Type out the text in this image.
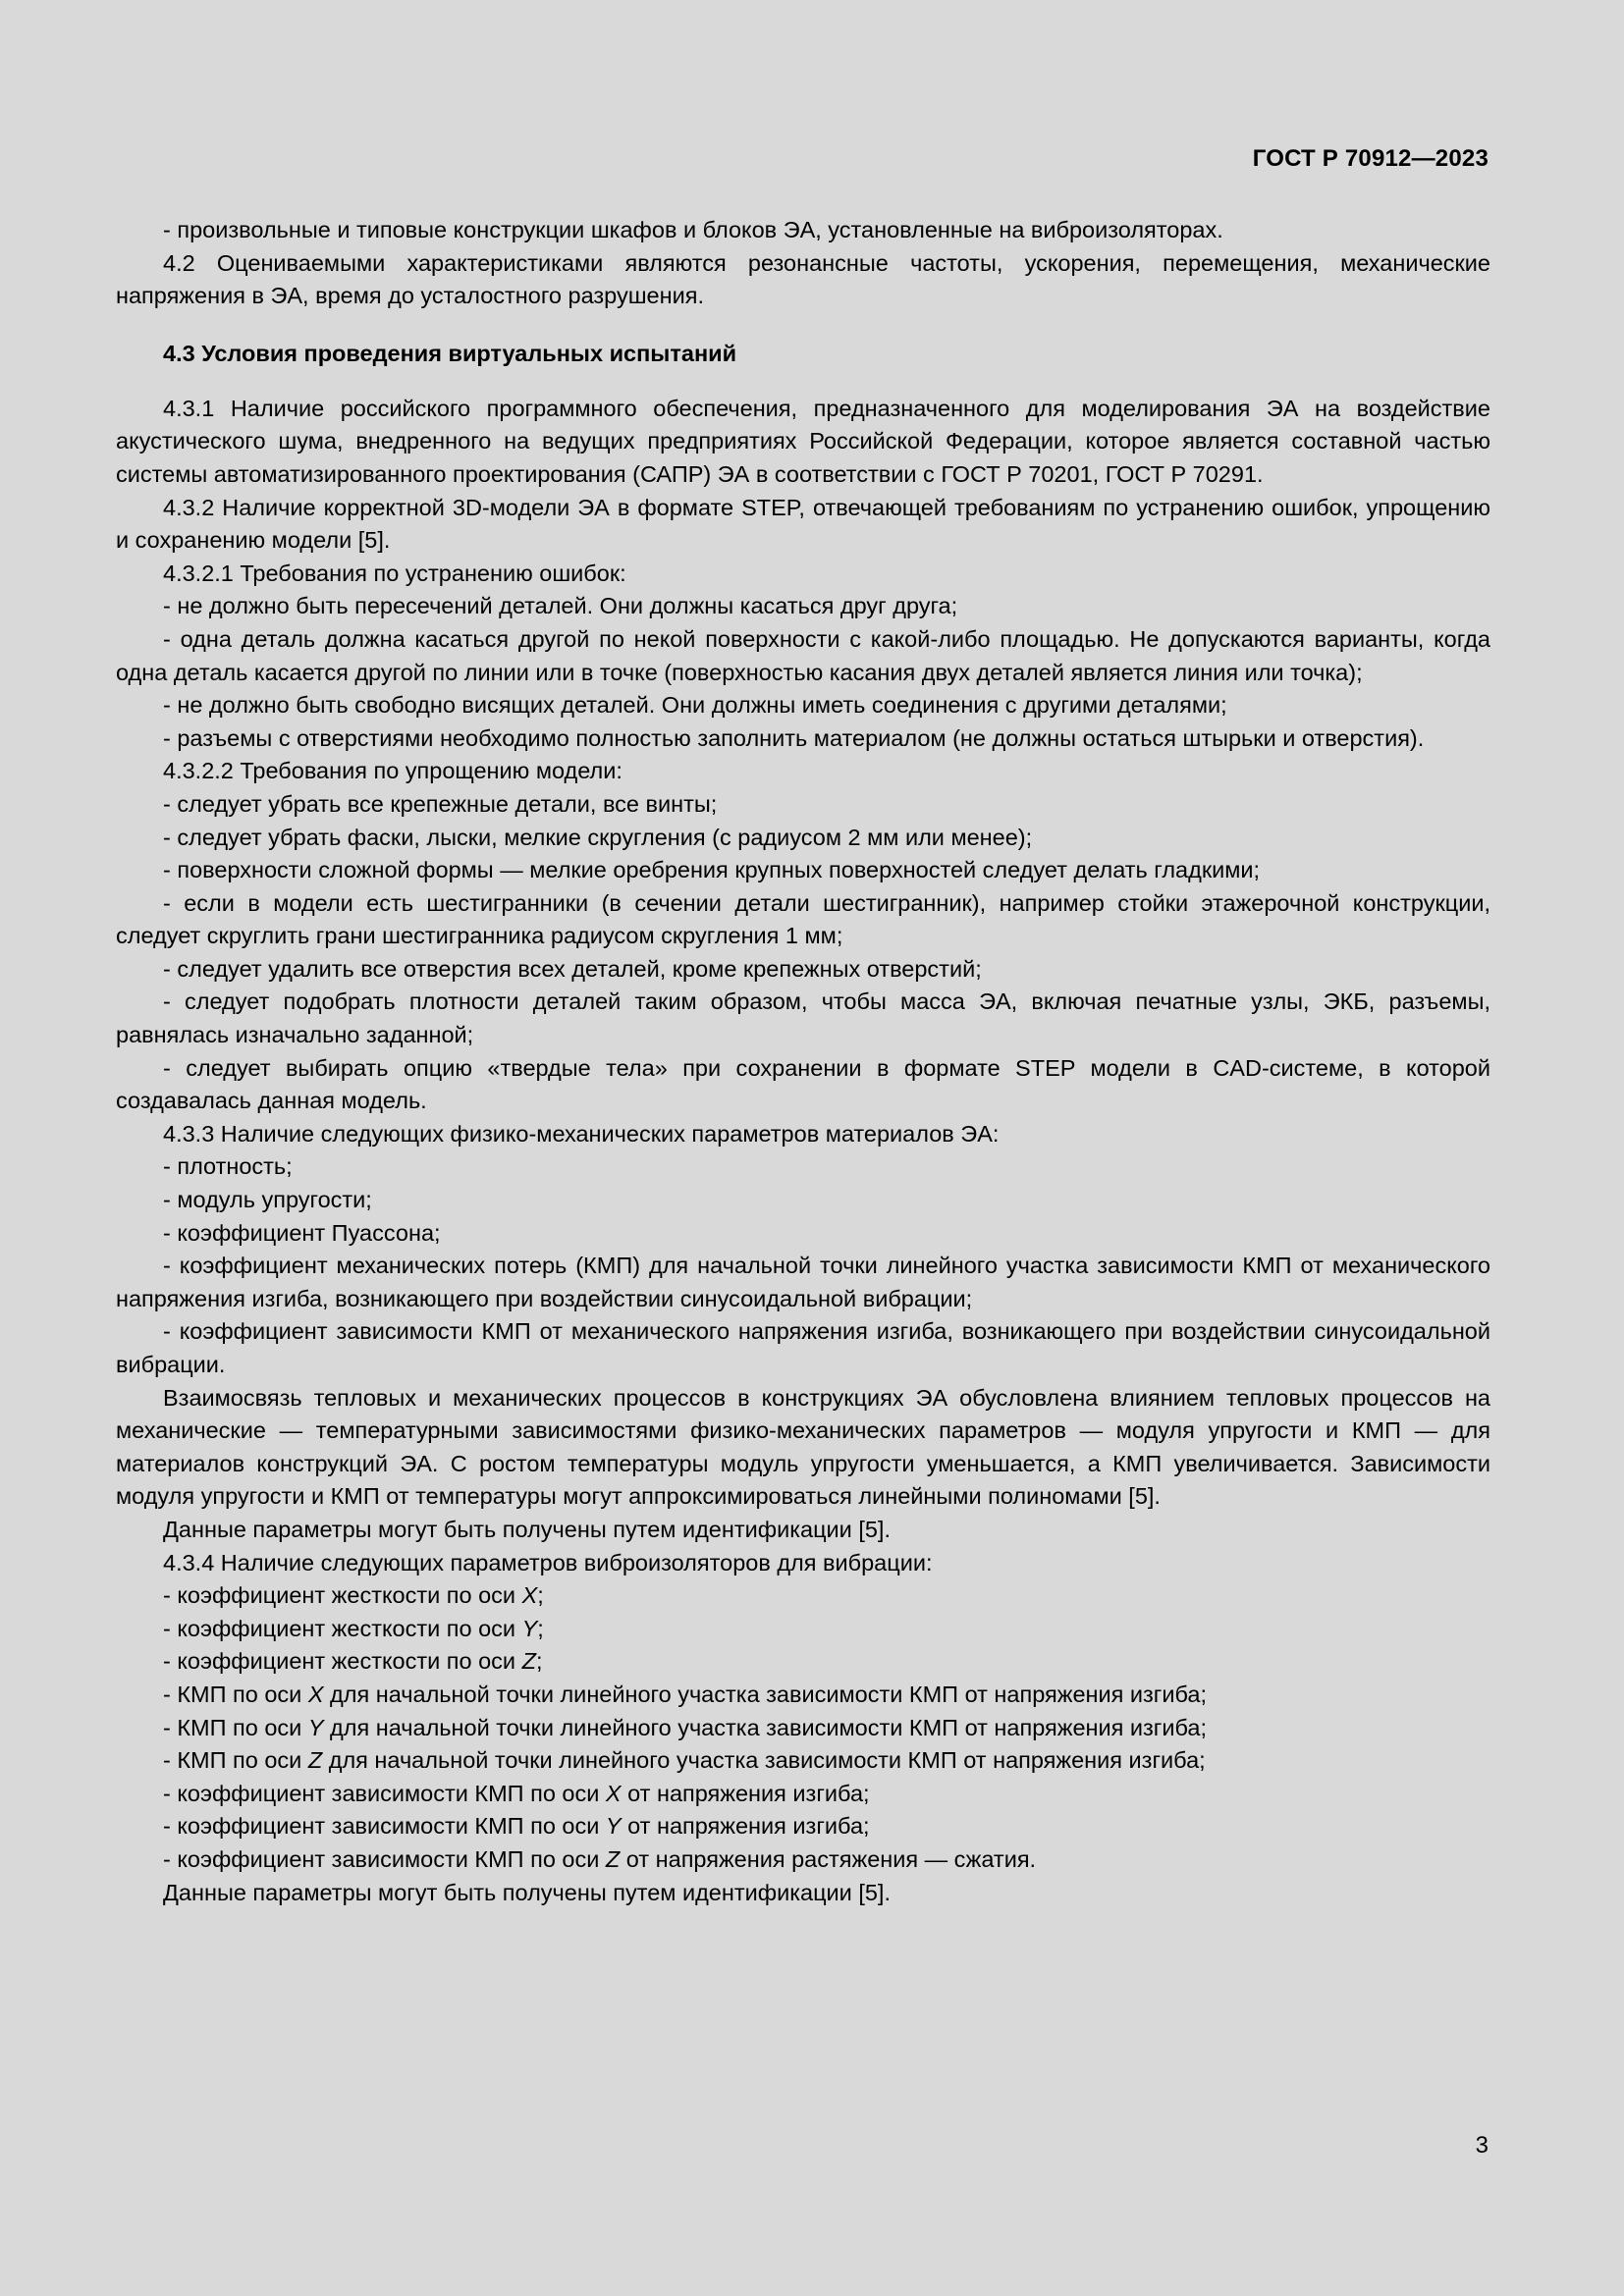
ГОСТ Р 70912—2023

- произвольные и типовые конструкции шкафов и блоков ЭА, установленные на виброизоляторах.

4.2 Оцениваемыми характеристиками являются резонансные частоты, ускорения, перемещения, механические напряжения в ЭА, время до усталостного разрушения.

4.3 Условия проведения виртуальных испытаний

4.3.1 Наличие российского программного обеспечения, предназначенного для моделирования ЭА на воздействие акустического шума, внедренного на ведущих предприятиях Российской Федерации, которое является составной частью системы автоматизированного проектирования (САПР) ЭА в соответствии с ГОСТ Р 70201, ГОСТ Р 70291.

4.3.2 Наличие корректной 3D-модели ЭА в формате STEP, отвечающей требованиям по устранению ошибок, упрощению и сохранению модели [5].

4.3.2.1 Требования по устранению ошибок:

- не должно быть пересечений деталей. Они должны касаться друг друга;

- одна деталь должна касаться другой по некой поверхности с какой-либо площадью. Не допускаются варианты, когда одна деталь касается другой по линии или в точке (поверхностью касания двух деталей является линия или точка);

- не должно быть свободно висящих деталей. Они должны иметь соединения с другими деталями;

- разъемы с отверстиями необходимо полностью заполнить материалом (не должны остаться штырьки и отверстия).

4.3.2.2 Требования по упрощению модели:

- следует убрать все крепежные детали, все винты;

- следует убрать фаски, лыски, мелкие скругления (с радиусом 2 мм или менее);

- поверхности сложной формы — мелкие оребрения крупных поверхностей следует делать гладкими;

- если в модели есть шестигранники (в сечении детали шестигранник), например стойки этажерочной конструкции, следует скруглить грани шестигранника радиусом скругления 1 мм;

- следует удалить все отверстия всех деталей, кроме крепежных отверстий;

- следует подобрать плотности деталей таким образом, чтобы масса ЭА, включая печатные узлы, ЭКБ, разъемы, равнялась изначально заданной;

- следует выбирать опцию «твердые тела» при сохранении в формате STEP модели в CAD-системе, в которой создавалась данная модель.

4.3.3 Наличие следующих физико-механических параметров материалов ЭА:

- плотность;

- модуль упругости;

- коэффициент Пуассона;

- коэффициент механических потерь (КМП) для начальной точки линейного участка зависимости КМП от механического напряжения изгиба, возникающего при воздействии синусоидальной вибрации;

- коэффициент зависимости КМП от механического напряжения изгиба, возникающего при воздействии синусоидальной вибрации.

Взаимосвязь тепловых и механических процессов в конструкциях ЭА обусловлена влиянием тепловых процессов на механические — температурными зависимостями физико-механических параметров — модуля упругости и КМП — для материалов конструкций ЭА. С ростом температуры модуль упругости уменьшается, а КМП увеличивается. Зависимости модуля упругости и КМП от температуры могут аппроксимироваться линейными полиномами [5].

Данные параметры могут быть получены путем идентификации [5].

4.3.4 Наличие следующих параметров виброизоляторов для вибрации:

- коэффициент жесткости по оси X;

- коэффициент жесткости по оси Y;

- коэффициент жесткости по оси Z;

- КМП по оси X для начальной точки линейного участка зависимости КМП от напряжения изгиба;

- КМП по оси Y для начальной точки линейного участка зависимости КМП от напряжения изгиба;

- КМП по оси Z для начальной точки линейного участка зависимости КМП от напряжения изгиба;

- коэффициент зависимости КМП по оси X от напряжения изгиба;

- коэффициент зависимости КМП по оси Y от напряжения изгиба;

- коэффициент зависимости КМП по оси Z от напряжения растяжения — сжатия.

Данные параметры могут быть получены путем идентификации [5].

3
